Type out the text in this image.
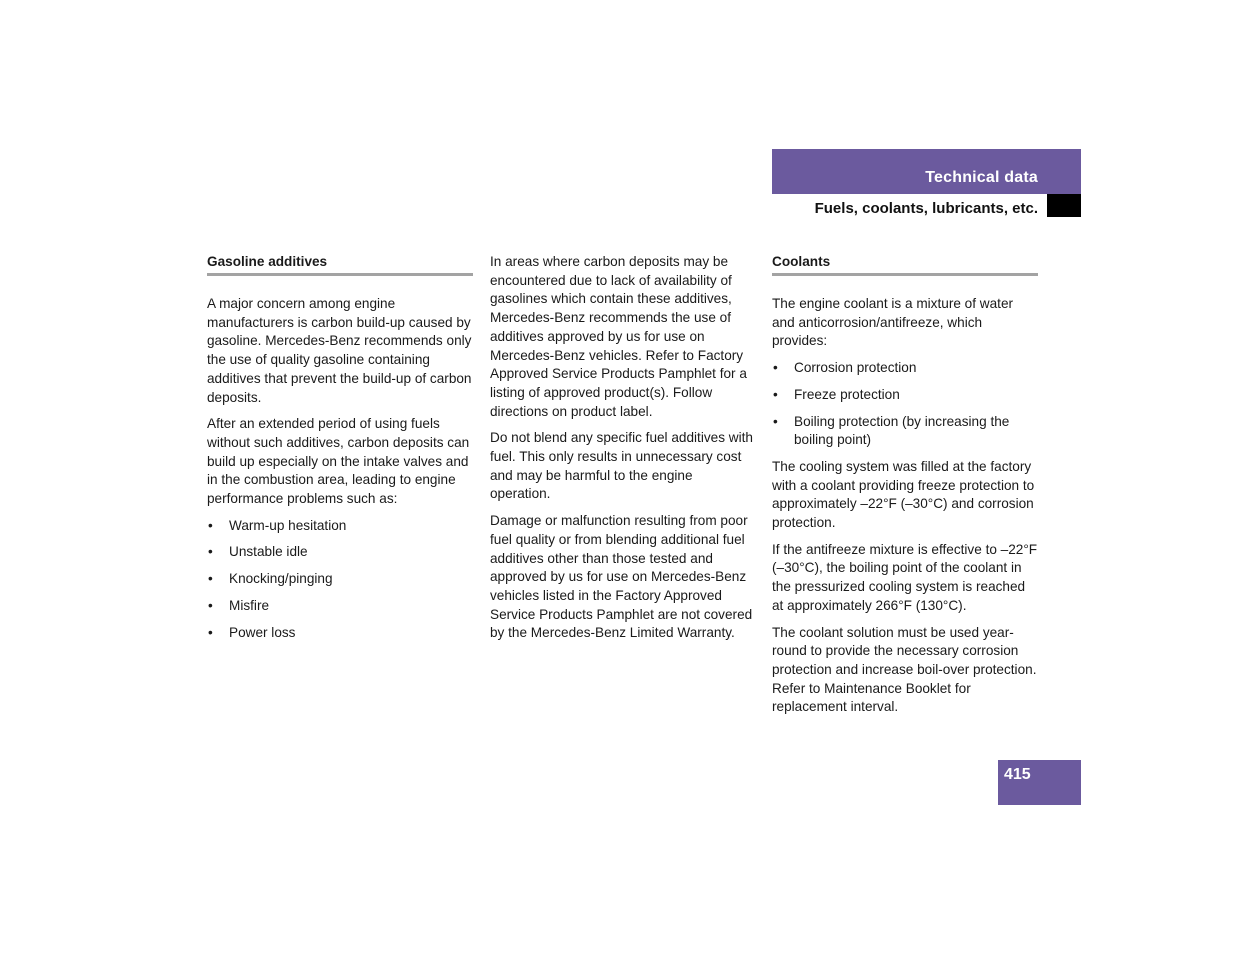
Technical data
Fuels, coolants, lubricants, etc.
Gasoline additives

A major concern among engine manufacturers is carbon build-up caused by gasoline. Mercedes-Benz recommends only the use of quality gasoline containing additives that prevent the build-up of carbon deposits.

After an extended period of using fuels without such additives, carbon deposits can build up especially on the intake valves and in the combustion area, leading to engine performance problems such as:

• Warm-up hesitation
• Unstable idle
• Knocking/pinging
• Misfire
• Power loss

In areas where carbon deposits may be encountered due to lack of availability of gasolines which contain these additives, Mercedes-Benz recommends the use of additives approved by us for use on Mercedes-Benz vehicles. Refer to Factory Approved Service Products Pamphlet for a listing of approved product(s). Follow directions on product label.

Do not blend any specific fuel additives with fuel. This only results in unnecessary cost and may be harmful to the engine operation.

Damage or malfunction resulting from poor fuel quality or from blending additional fuel additives other than those tested and approved by us for use on Mercedes-Benz vehicles listed in the Factory Approved Service Products Pamphlet are not covered by the Mercedes-Benz Limited Warranty.

Coolants

The engine coolant is a mixture of water and anticorrosion/antifreeze, which provides:

• Corrosion protection
• Freeze protection
• Boiling protection (by increasing the boiling point)

The cooling system was filled at the factory with a coolant providing freeze protection to approximately –22°F (–30°C) and corrosion protection.

If the antifreeze mixture is effective to –22°F (–30°C), the boiling point of the coolant in the pressurized cooling system is reached at approximately 266°F (130°C).

The coolant solution must be used year-round to provide the necessary corrosion protection and increase boil-over protection. Refer to Maintenance Booklet for replacement interval.

415
